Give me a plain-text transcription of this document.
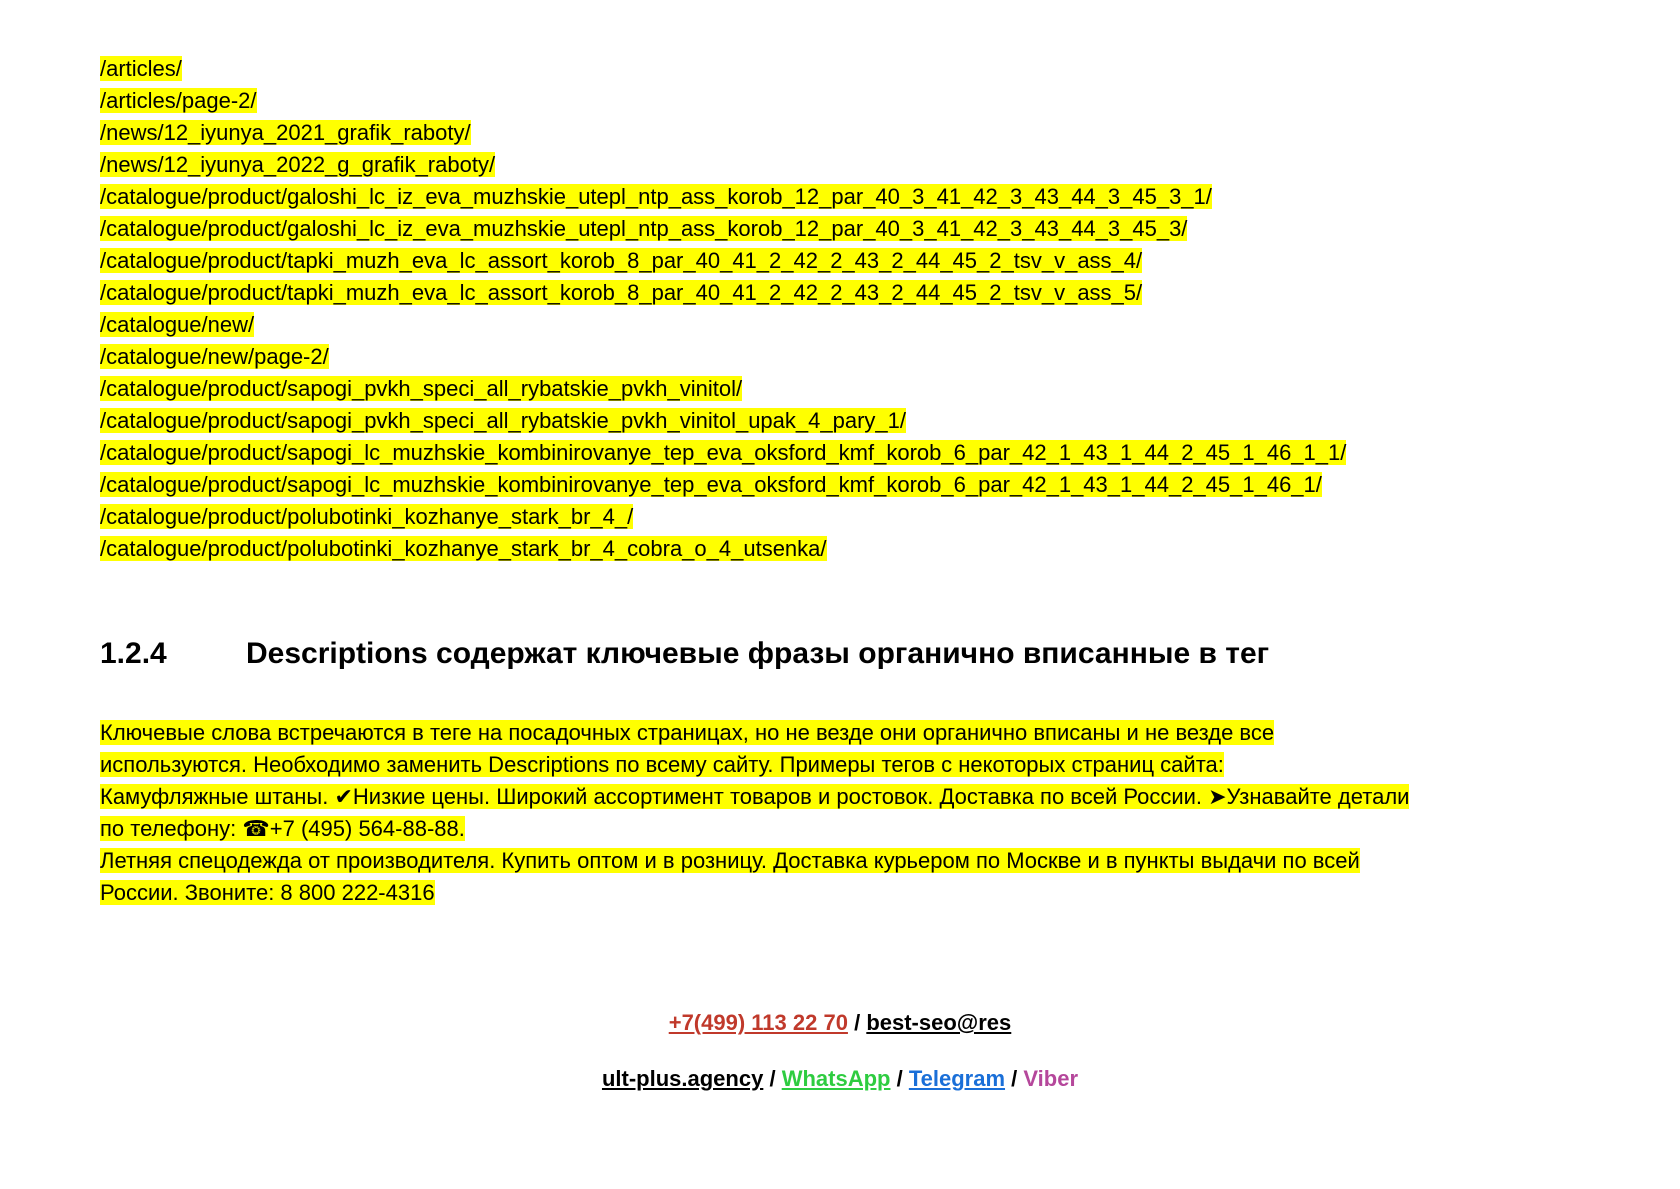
/articles/
/articles/page-2/
/news/12_iyunya_2021_grafik_raboty/
/news/12_iyunya_2022_g_grafik_raboty/
/catalogue/product/galoshi_lc_iz_eva_muzhskie_utepl_ntp_ass_korob_12_par_40_3_41_42_3_43_44_3_45_3_1/
/catalogue/product/galoshi_lc_iz_eva_muzhskie_utepl_ntp_ass_korob_12_par_40_3_41_42_3_43_44_3_45_3/
/catalogue/product/tapki_muzh_eva_lc_assort_korob_8_par_40_41_2_42_2_43_2_44_45_2_tsv_v_ass_4/
/catalogue/product/tapki_muzh_eva_lc_assort_korob_8_par_40_41_2_42_2_43_2_44_45_2_tsv_v_ass_5/
/catalogue/new/
/catalogue/new/page-2/
/catalogue/product/sapogi_pvkh_speci_all_rybatskie_pvkh_vinitol/
/catalogue/product/sapogi_pvkh_speci_all_rybatskie_pvkh_vinitol_upak_4_pary_1/
/catalogue/product/sapogi_lc_muzhskie_kombinirovanye_tep_eva_oksford_kmf_korob_6_par_42_1_43_1_44_2_45_1_46_1_1/
/catalogue/product/sapogi_lc_muzhskie_kombinirovanye_tep_eva_oksford_kmf_korob_6_par_42_1_43_1_44_2_45_1_46_1/
/catalogue/product/polubotinki_kozhanye_stark_br_4_/
/catalogue/product/polubotinki_kozhanye_stark_br_4_cobra_o_4_utsenka/
1.2.4	Descriptions содержат ключевые фразы органично вписанные в тег
Ключевые слова встречаются в теге на посадочных страницах, но не везде они органично вписаны и не везде все
используются. Необходимо заменить Descriptions по всему сайту. Примеры тегов с некоторых страниц сайта:
Камуфляжные штаны. ✔Низкие цены. Широкий ассортимент товаров и ростовок. Доставка по всей России. ➤Узнавайте детали
по телефону: ☎+7 (495) 564-88-88.
Летняя спецодежда от производителя. Купить оптом и в розницу. Доставка курьером по Москве и в пункты выдачи по всей
России. Звоните: 8 800 222-4316
+7(499) 113 22 70 / best-seo@res
ult-plus.agency / WhatsApp / Telegram / Viber
